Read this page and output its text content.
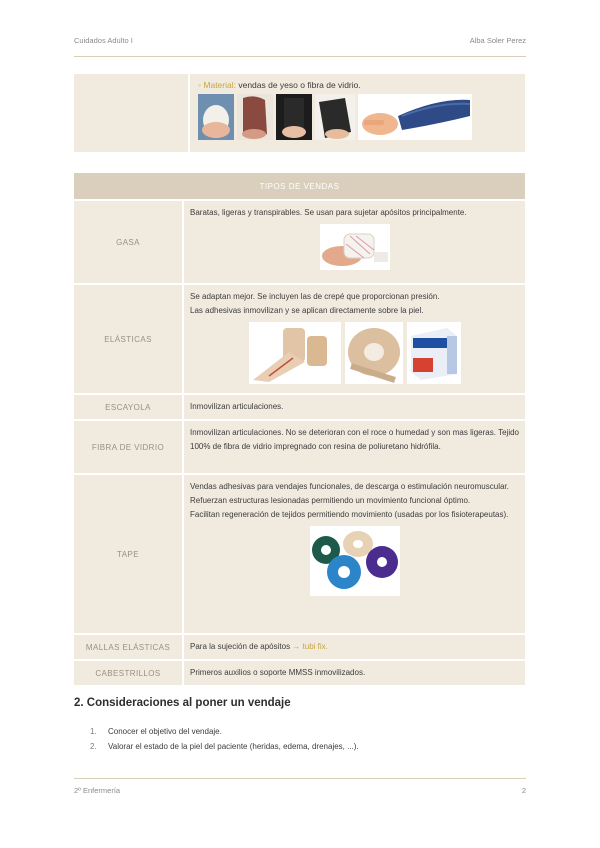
Cuidados Adulto I	Alba Soler Perez
◦ Material: vendas de yeso o fibra de vidrio.
TIPOS DE VENDAS	
GASA	Baratas, ligeras y transpirables. Se usan para sujetar apósitos principalmente.

ELÁSTICAS	Se adaptan mejor. Se incluyen las de crepé que proporcionan presión.
Las adhesivas inmovilizan y se aplican directamente sobre la piel.

ESCAYOLA	Inmovilizan articulaciones.
FIBRA DE VIDRIO	Inmovilizan articulaciones. No se deterioran con el roce o humedad y son mas ligeras. Tejido 100% de fibra de vidrio impregnado con resina de poliuretano hidrófila.
TAPE	Vendas adhesivas para vendajes funcionales, de descarga o estimulación neuromuscular.
Refuerzan estructuras lesionadas permitiendo un movimiento funcional óptimo.
Facilitan regeneración de tejidos permitiendo movimiento (usadas por los fisioterapeutas).

MALLAS ELÁSTICAS	Para la sujeción de apósitos → tubi fix.
CABESTRILLOS	Primeros auxilios o soporte MMSS inmovilizados.
2. Consideraciones al poner un vendaje
1.	Conocer el objetivo del vendaje.
2.	Valorar el estado de la piel del paciente (heridas, edema, drenajes, ...).
2º Enfermería	2
